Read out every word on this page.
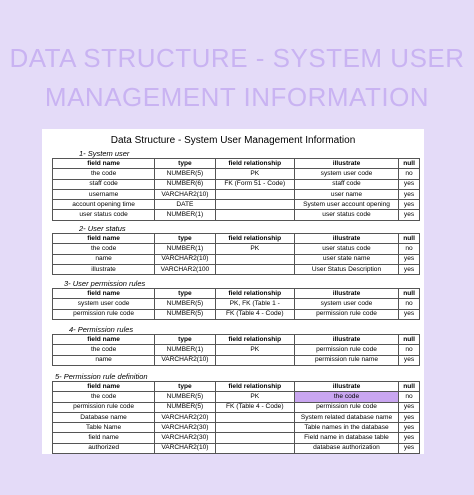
DATA STRUCTURE - SYSTEM USER
MANAGEMENT INFORMATION
Data Structure - System User Management Information
1- System user
field name	type	field relationship	illustrate	null
the code	NUMBER(5)	PK	system user code	no
staff code	NUMBER(6)	FK (Form 51 - Code)	staff code	yes
username	VARCHAR2(10)		user name	yes
account opening time	DATE		System user account opening	yes
user status code	NUMBER(1)		user status code	yes
2- User status
field name	type	field relationship	illustrate	null
the code	NUMBER(1)	PK	user status code	no
name	VARCHAR2(10)		user state name	yes
illustrate	VARCHAR2(100		User Status Description	yes
3- User permission rules
field name	type	field relationship	illustrate	null
system user code	NUMBER(5)	PK, FK (Table 1 -	system user code	no
permission rule code	NUMBER(5)	FK (Table 4 - Code)	permission rule code	yes
4- Permission rules
field name	type	field relationship	illustrate	null
the code	NUMBER(1)	PK	permission rule code	no
name	VARCHAR2(10)		permission rule name	yes
5- Permission rule definition
field name	type	field relationship	illustrate	null
the code	NUMBER(5)	PK	the code	no
permission rule code	NUMBER(5)	FK (Table 4 - Code)	permission rule code	yes
Database name	VARCHAR2(20)		System related database name	yes
Table Name	VARCHAR2(30)		Table names in the database	yes
field name	VARCHAR2(30)		Field name in database table	yes
authorized	VARCHAR2(10)		database authorization	yes
